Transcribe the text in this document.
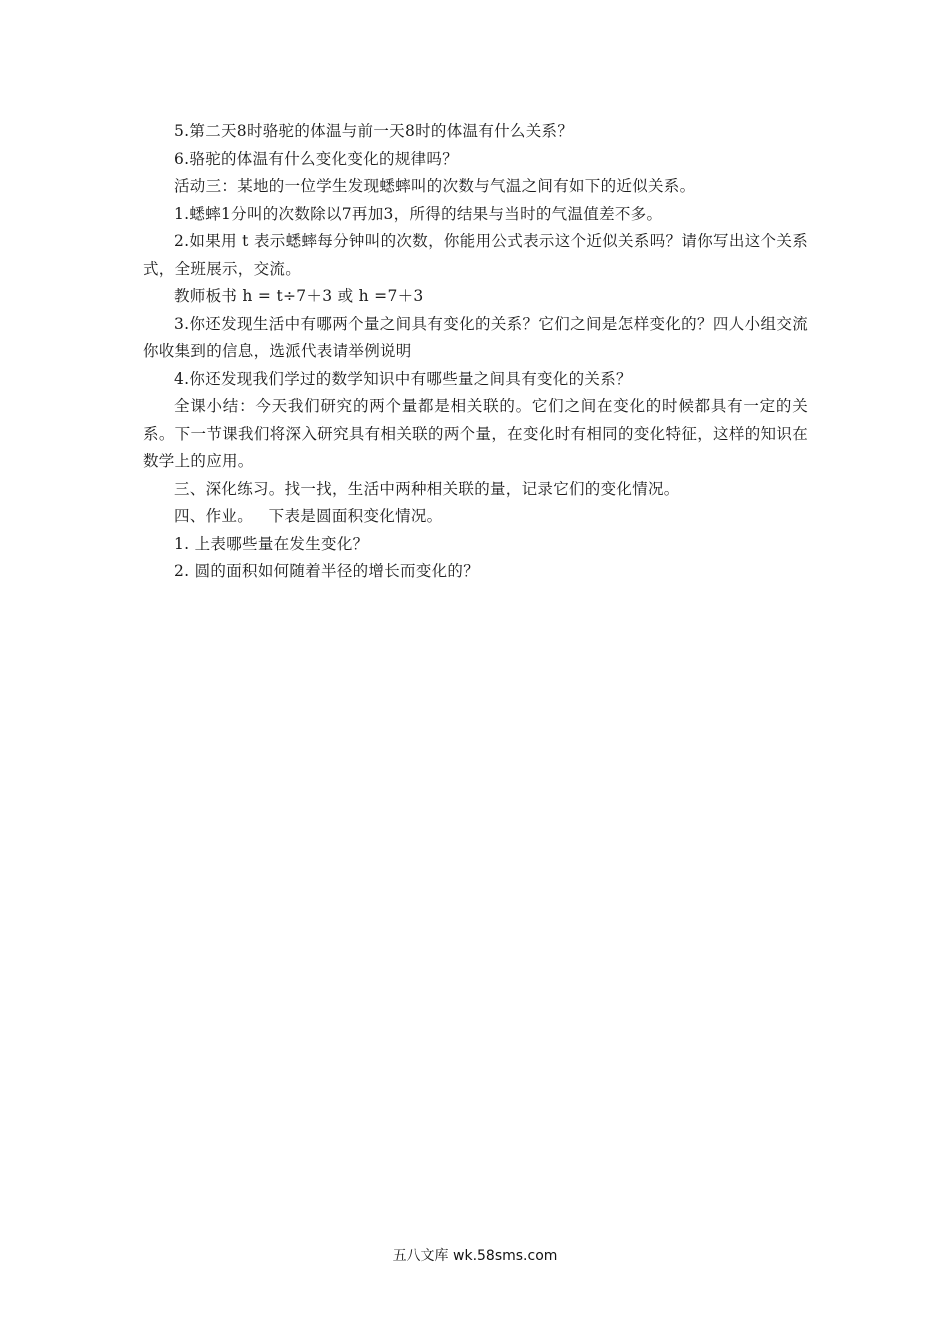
5.第二天8时骆驼的体温与前一天8时的体温有什么关系？

6.骆驼的体温有什么变化变化的规律吗？

活动三：某地的一位学生发现蟋蟀叫的次数与气温之间有如下的近似关系。

1.蟋蟀1分叫的次数除以7再加3，所得的结果与当时的气温值差不多。

2.如果用 t 表示蟋蟀每分钟叫的次数，你能用公式表示这个近似关系吗？请你写出这个关系式，全班展示，交流。

教师板书 h = t÷7＋3 或 h =7＋3

3.你还发现生活中有哪两个量之间具有变化的关系？它们之间是怎样变化的？四人小组交流你收集到的信息，选派代表请举例说明

4.你还发现我们学过的数学知识中有哪些量之间具有变化的关系？

全课小结：今天我们研究的两个量都是相关联的。它们之间在变化的时候都具有一定的关系。下一节课我们将深入研究具有相关联的两个量，在变化时有相同的变化特征，这样的知识在数学上的应用。

三、深化练习。找一找，生活中两种相关联的量，记录它们的变化情况。

四、作业。   下表是圆面积变化情况。

1. 上表哪些量在发生变化？

2. 圆的面积如何随着半径的增长而变化的？

五八文库 wk.58sms.com
